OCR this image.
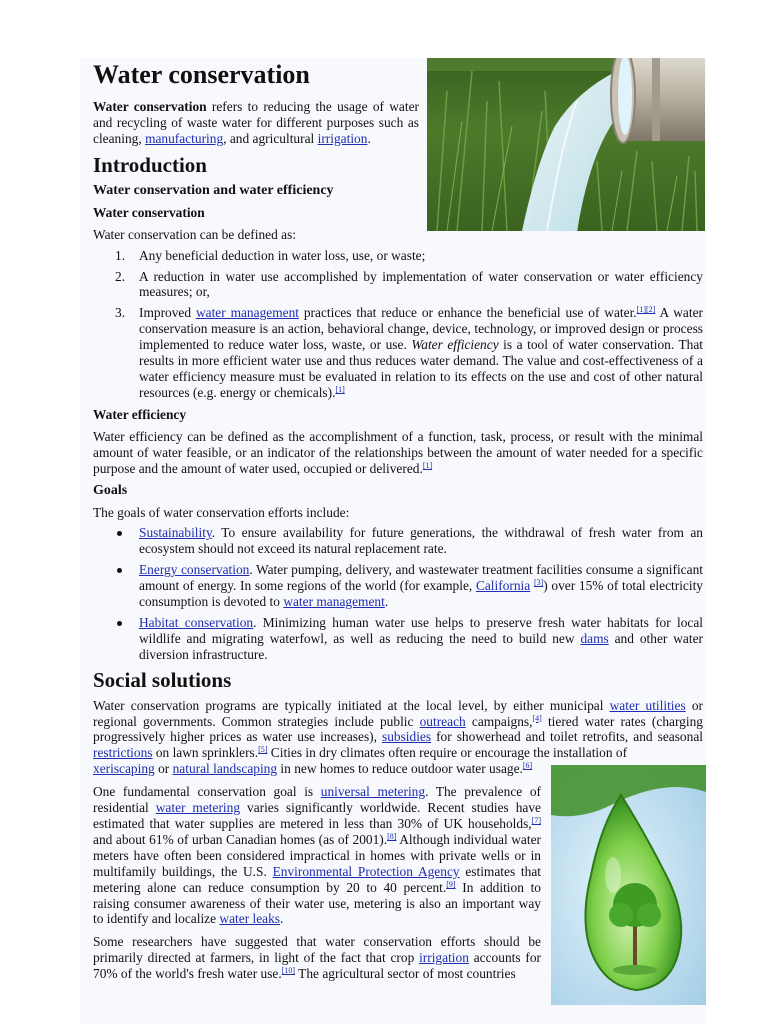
Water conservation

Water conservation refers to reducing the usage of water and recycling of waste water for different purposes such as cleaning, manufacturing, and agricultural irrigation.

Introduction
Water conservation and water efficiency
Water conservation

Water conservation can be defined as:

1. Any beneficial deduction in water loss, use, or waste;
2. A reduction in water use accomplished by implementation of water conservation or water efficiency measures; or,
3. Improved water management practices that reduce or enhance the beneficial use of water.[1][2] A water conservation measure is an action, behavioral change, device, technology, or improved design or process implemented to reduce water loss, waste, or use. Water efficiency is a tool of water conservation. That results in more efficient water use and thus reduces water demand. The value and cost-effectiveness of a water efficiency measure must be evaluated in relation to its effects on the use and cost of other natural resources (e.g. energy or chemicals).[1]
Water efficiency

Water efficiency can be defined as the accomplishment of a function, task, process, or result with the minimal amount of water feasible, or an indicator of the relationships between the amount of water needed for a specific purpose and the amount of water used, occupied or delivered.[1]

Goals

The goals of water conservation efforts include:

Sustainability. To ensure availability for future generations, the withdrawal of fresh water from an ecosystem should not exceed its natural replacement rate.
Energy conservation. Water pumping, delivery, and wastewater treatment facilities consume a significant amount of energy. In some regions of the world (for example, California [3]) over 15% of total electricity consumption is devoted to water management.
Habitat conservation. Minimizing human water use helps to preserve fresh water habitats for local wildlife and migrating waterfowl, as well as reducing the need to build new dams and other water diversion infrastructure.
Social solutions

Water conservation programs are typically initiated at the local level, by either municipal water utilities or regional governments. Common strategies include public outreach campaigns,[4] tiered water rates (charging progressively higher prices as water use increases), subsidies for showerhead and toilet retrofits, and seasonal restrictions on lawn sprinklers.[5] Cities in dry climates often require or encourage the installation of

xeriscaping or natural landscaping in new homes to reduce outdoor water usage.[6]

One fundamental conservation goal is universal metering. The prevalence of residential water metering varies significantly worldwide. Recent studies have estimated that water supplies are metered in less than 30% of UK households,[7] and about 61% of urban Canadian homes (as of 2001).[8] Although individual water meters have often been considered impractical in homes with private wells or in multifamily buildings, the U.S. Environmental Protection Agency estimates that metering alone can reduce consumption by 20 to 40 percent.[9] In addition to raising consumer awareness of their water use, metering is also an important way to identify and localize water leaks.

Some researchers have suggested that water conservation efforts should be primarily directed at farmers, in light of the fact that crop irrigation accounts for 70% of the world's fresh water use.[10] The agricultural sector of most countries
